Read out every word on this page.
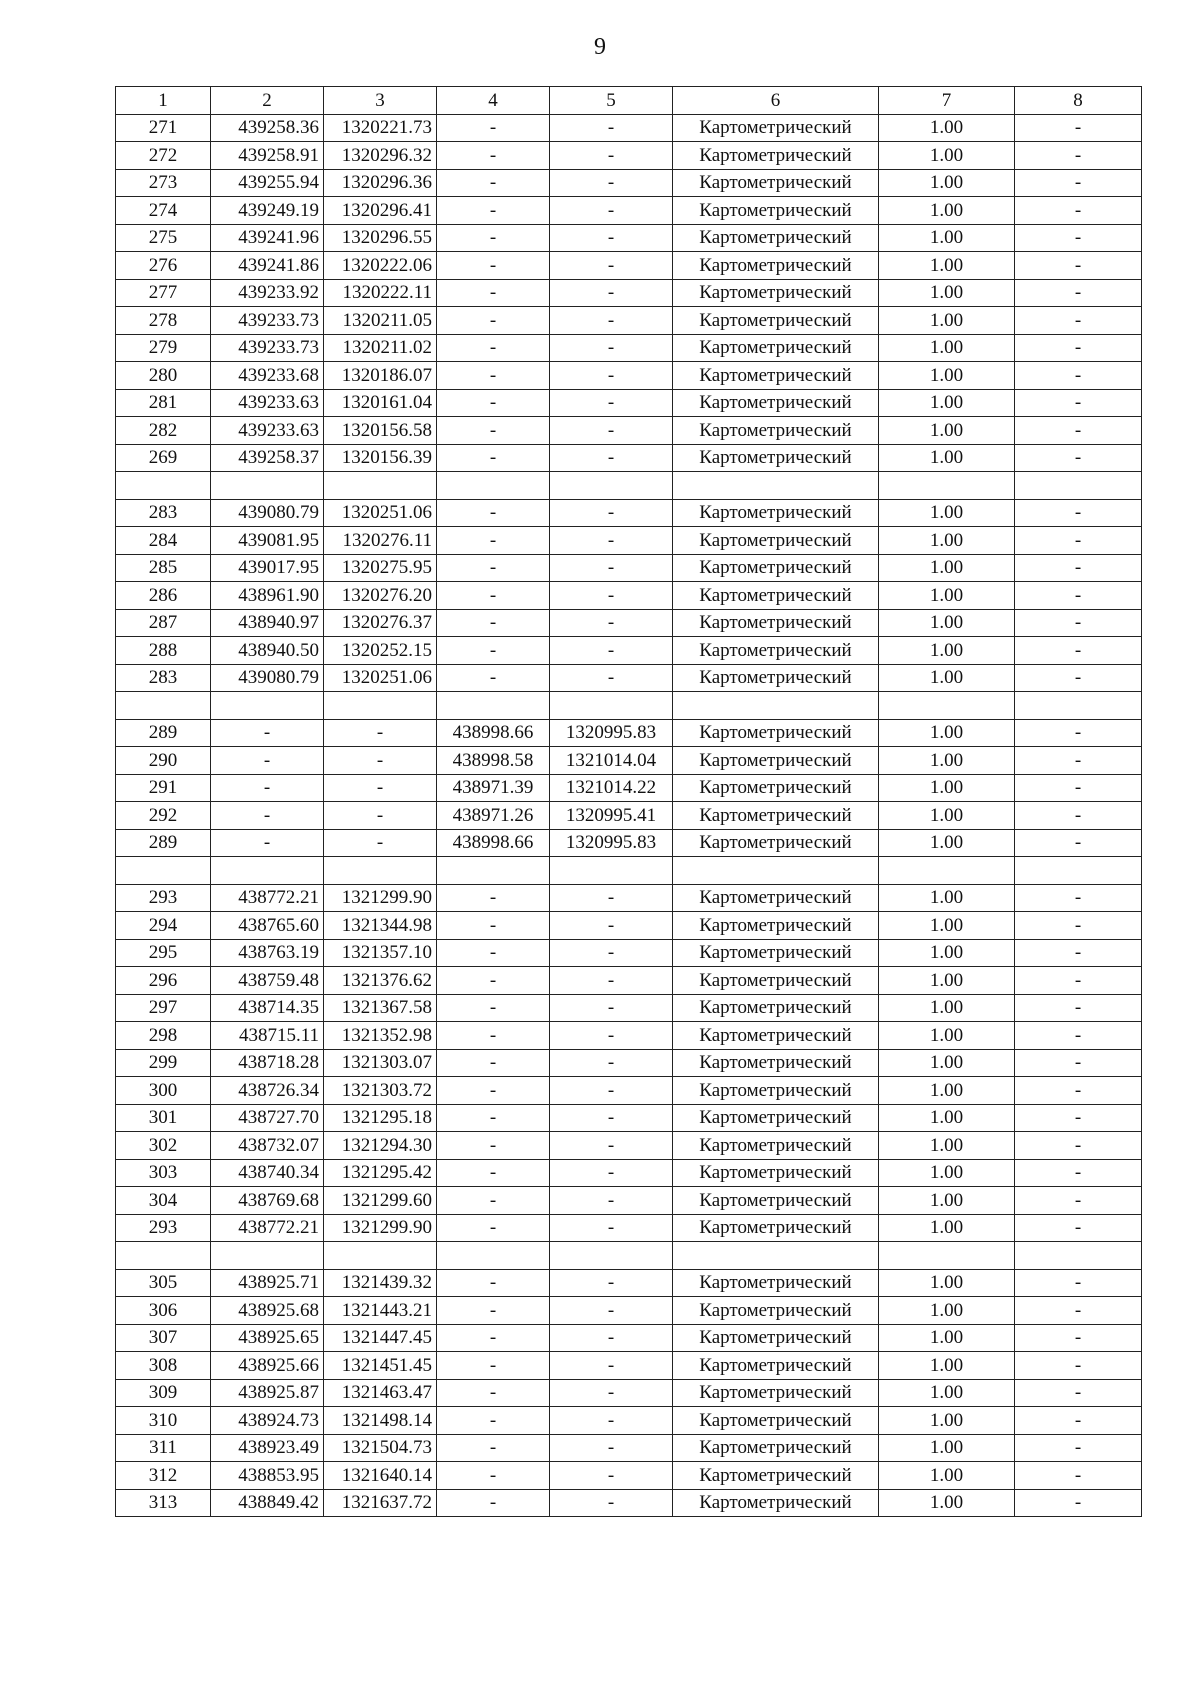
9
1	2	3	4	5	6	7	8
271	439258.36	1320221.73	-	-	Картометрический	1.00	-
272	439258.91	1320296.32	-	-	Картометрический	1.00	-
273	439255.94	1320296.36	-	-	Картометрический	1.00	-
274	439249.19	1320296.41	-	-	Картометрический	1.00	-
275	439241.96	1320296.55	-	-	Картометрический	1.00	-
276	439241.86	1320222.06	-	-	Картометрический	1.00	-
277	439233.92	1320222.11	-	-	Картометрический	1.00	-
278	439233.73	1320211.05	-	-	Картометрический	1.00	-
279	439233.73	1320211.02	-	-	Картометрический	1.00	-
280	439233.68	1320186.07	-	-	Картометрический	1.00	-
281	439233.63	1320161.04	-	-	Картометрический	1.00	-
282	439233.63	1320156.58	-	-	Картометрический	1.00	-
269	439258.37	1320156.39	-	-	Картометрический	1.00	-

283	439080.79	1320251.06	-	-	Картометрический	1.00	-
284	439081.95	1320276.11	-	-	Картометрический	1.00	-
285	439017.95	1320275.95	-	-	Картометрический	1.00	-
286	438961.90	1320276.20	-	-	Картометрический	1.00	-
287	438940.97	1320276.37	-	-	Картометрический	1.00	-
288	438940.50	1320252.15	-	-	Картометрический	1.00	-
283	439080.79	1320251.06	-	-	Картометрический	1.00	-

289	-	-	438998.66	1320995.83	Картометрический	1.00	-
290	-	-	438998.58	1321014.04	Картометрический	1.00	-
291	-	-	438971.39	1321014.22	Картометрический	1.00	-
292	-	-	438971.26	1320995.41	Картометрический	1.00	-
289	-	-	438998.66	1320995.83	Картометрический	1.00	-

293	438772.21	1321299.90	-	-	Картометрический	1.00	-
294	438765.60	1321344.98	-	-	Картометрический	1.00	-
295	438763.19	1321357.10	-	-	Картометрический	1.00	-
296	438759.48	1321376.62	-	-	Картометрический	1.00	-
297	438714.35	1321367.58	-	-	Картометрический	1.00	-
298	438715.11	1321352.98	-	-	Картометрический	1.00	-
299	438718.28	1321303.07	-	-	Картометрический	1.00	-
300	438726.34	1321303.72	-	-	Картометрический	1.00	-
301	438727.70	1321295.18	-	-	Картометрический	1.00	-
302	438732.07	1321294.30	-	-	Картометрический	1.00	-
303	438740.34	1321295.42	-	-	Картометрический	1.00	-
304	438769.68	1321299.60	-	-	Картометрический	1.00	-
293	438772.21	1321299.90	-	-	Картометрический	1.00	-

305	438925.71	1321439.32	-	-	Картометрический	1.00	-
306	438925.68	1321443.21	-	-	Картометрический	1.00	-
307	438925.65	1321447.45	-	-	Картометрический	1.00	-
308	438925.66	1321451.45	-	-	Картометрический	1.00	-
309	438925.87	1321463.47	-	-	Картометрический	1.00	-
310	438924.73	1321498.14	-	-	Картометрический	1.00	-
311	438923.49	1321504.73	-	-	Картометрический	1.00	-
312	438853.95	1321640.14	-	-	Картометрический	1.00	-
313	438849.42	1321637.72	-	-	Картометрический	1.00	-
